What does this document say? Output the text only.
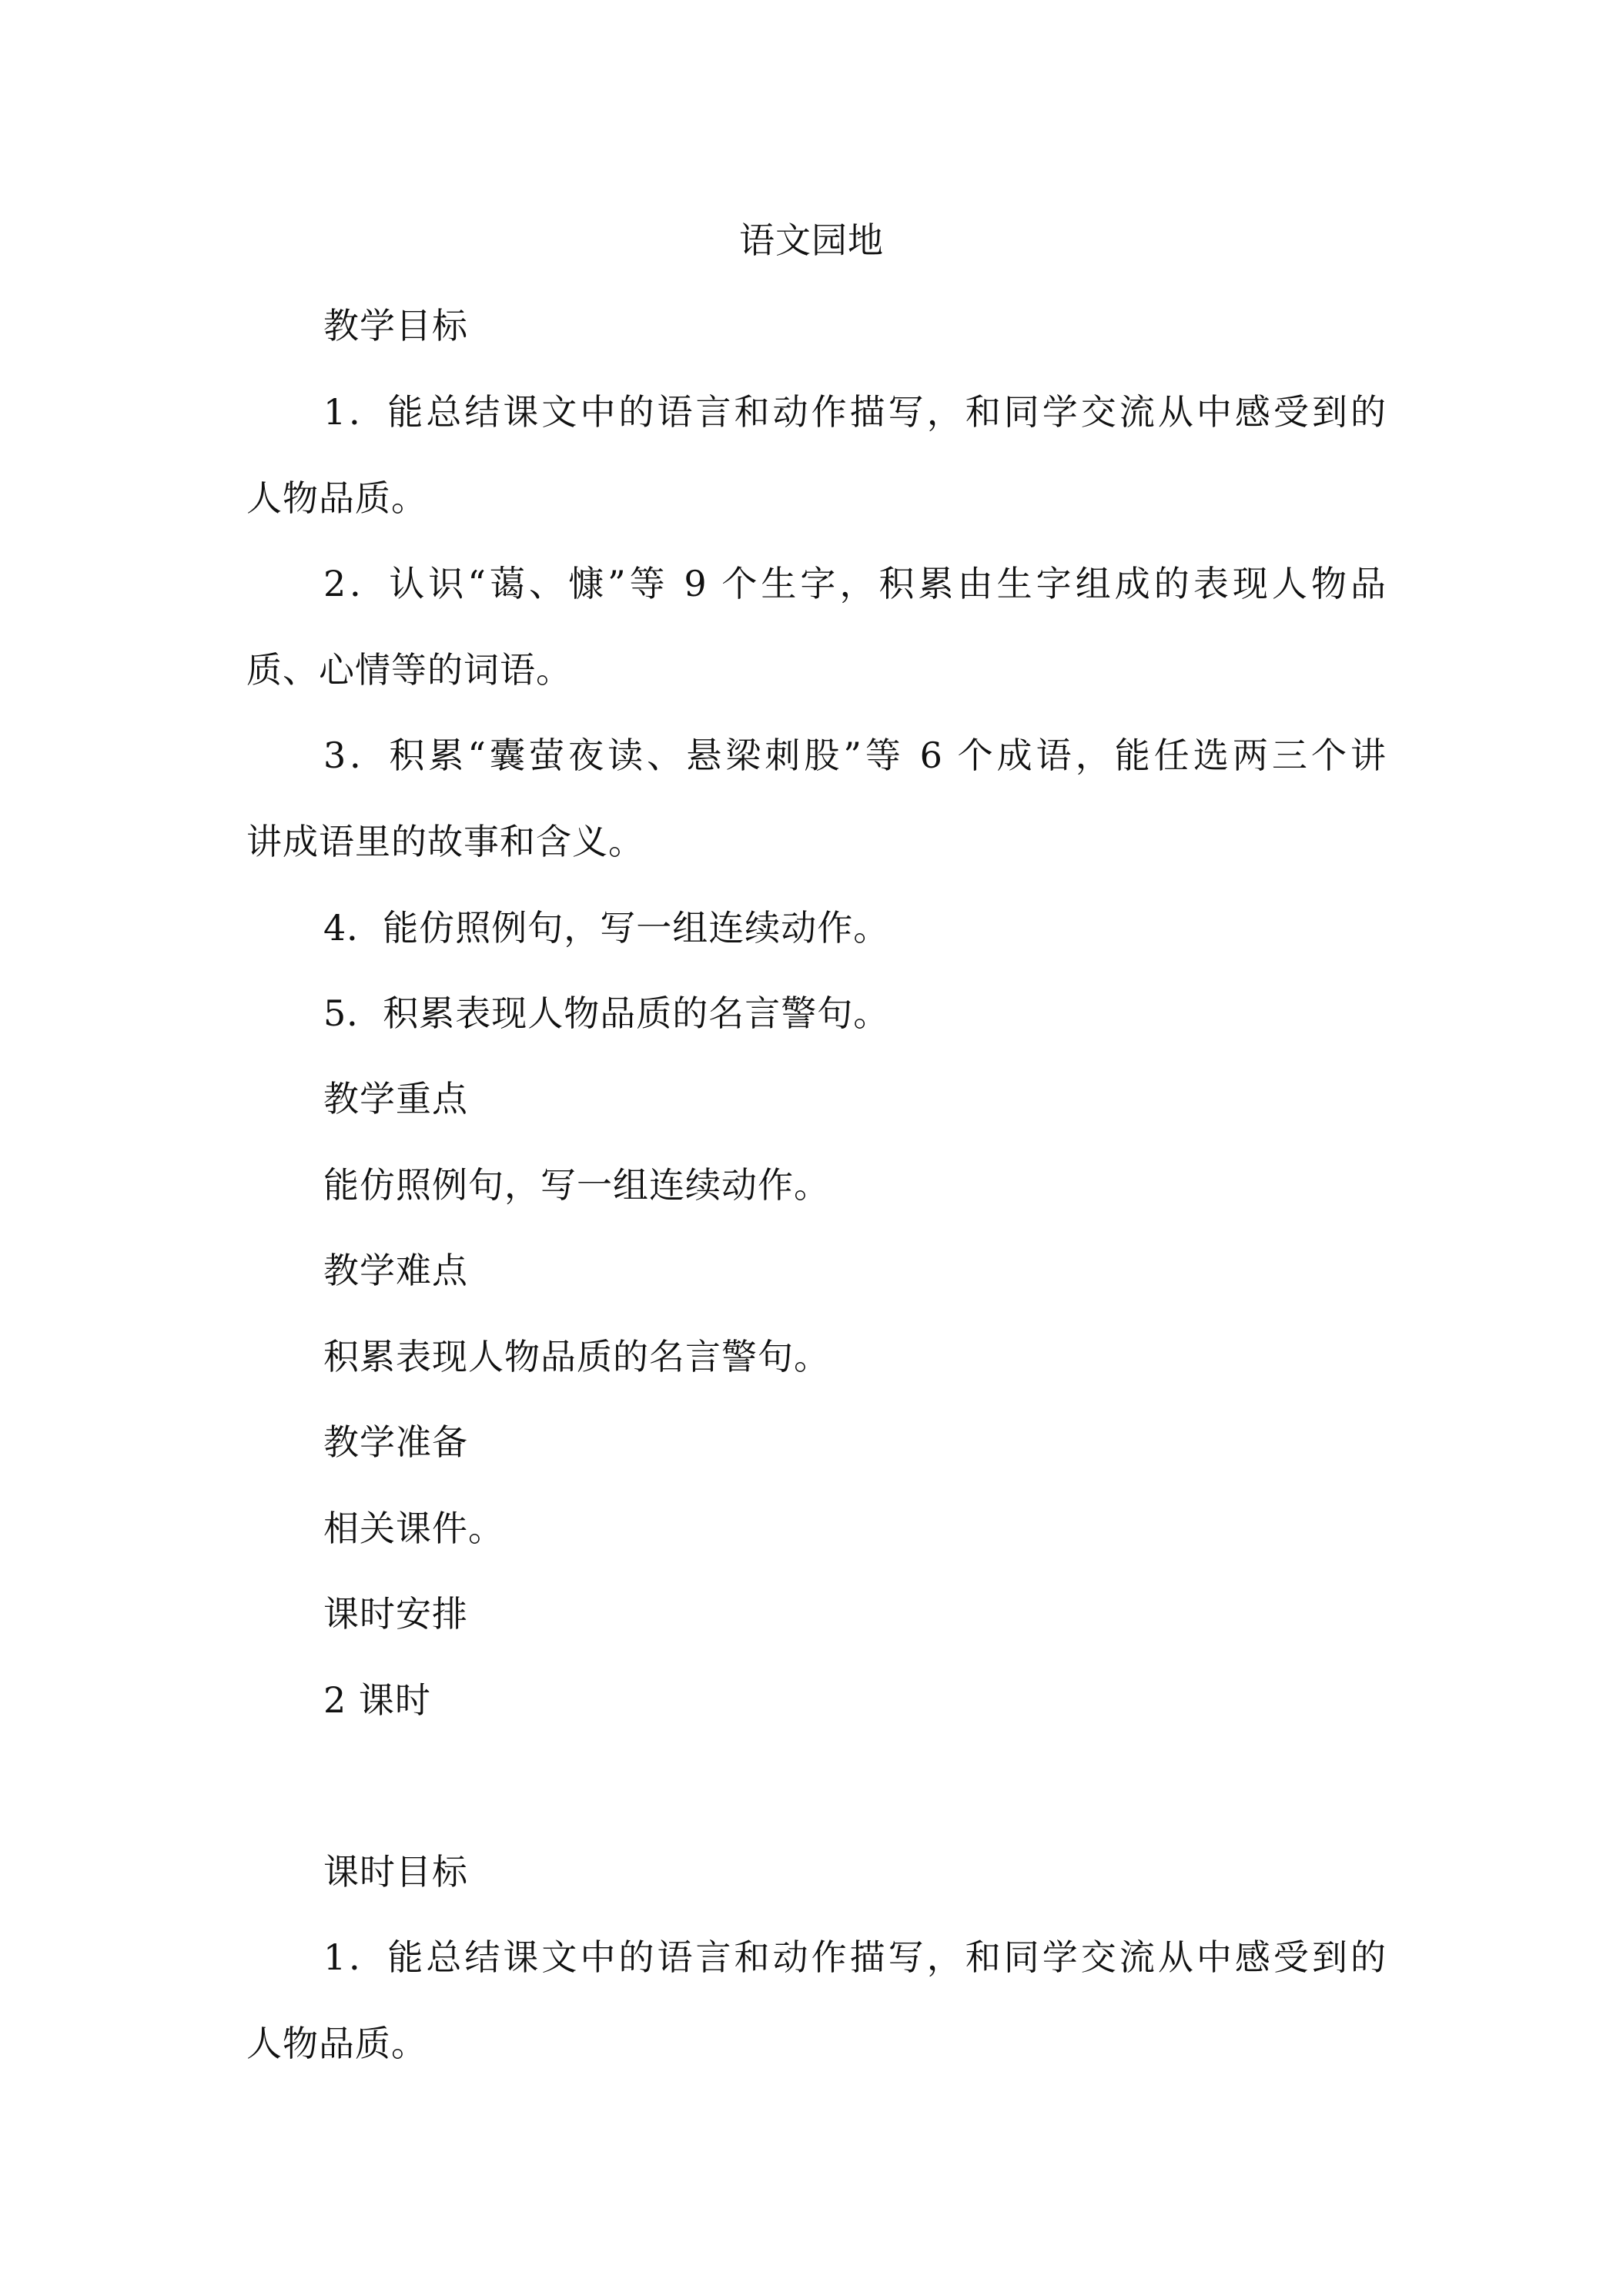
语文园地
教学目标
1．能总结课文中的语言和动作描写，和同学交流从中感受到的
人物品质。
2．认识“蔼、慷”等 9 个生字，积累由生字组成的表现人物品
质、心情等的词语。
3．积累“囊萤夜读、悬梁刺股”等 6 个成语，能任选两三个讲
讲成语里的故事和含义。
4．能仿照例句，写一组连续动作。
5．积累表现人物品质的名言警句。
教学重点
能仿照例句，写一组连续动作。
教学难点
积累表现人物品质的名言警句。
教学准备
相关课件。
课时安排
2 课时
课时目标
1．能总结课文中的语言和动作描写，和同学交流从中感受到的
人物品质。
